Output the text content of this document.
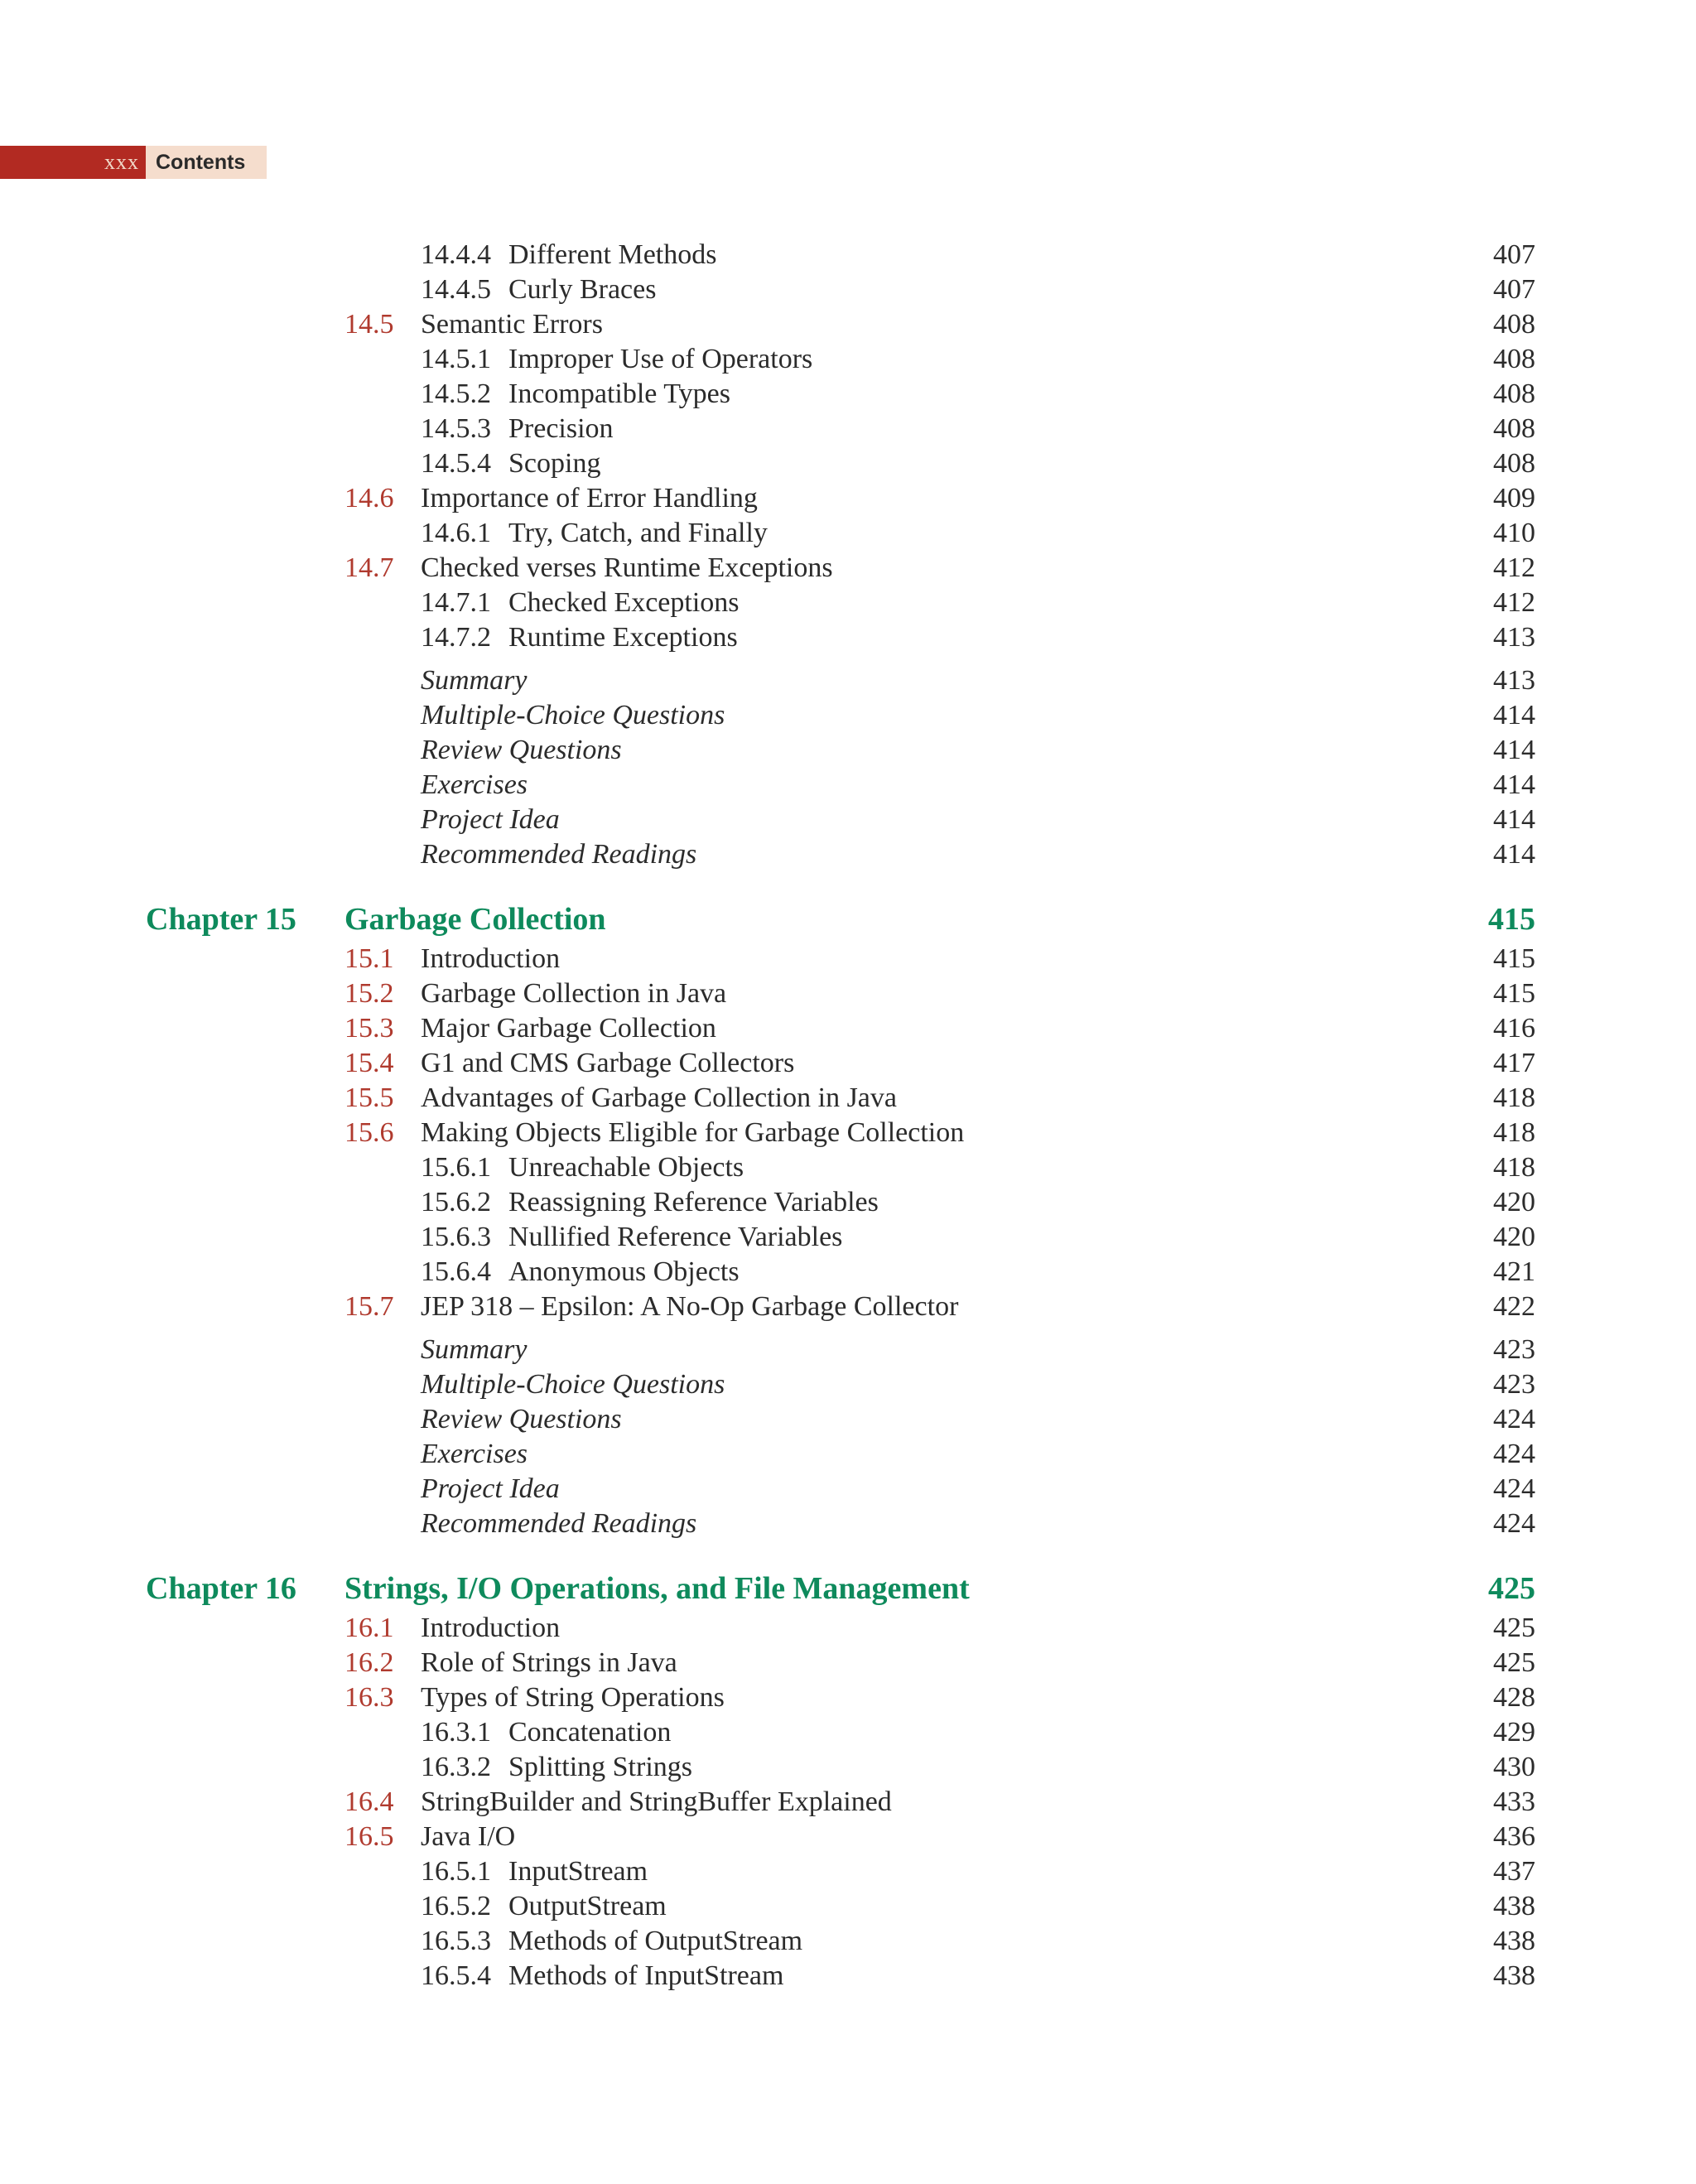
xxx Contents
14.4.4 Different Methods	407
14.4.5 Curly Braces	407
14.5 Semantic Errors	408
14.5.1 Improper Use of Operators	408
14.5.2 Incompatible Types	408
14.5.3 Precision	408
14.5.4 Scoping	408
14.6 Importance of Error Handling	409
14.6.1 Try, Catch, and Finally	410
14.7 Checked verses Runtime Exceptions	412
14.7.1 Checked Exceptions	412
14.7.2 Runtime Exceptions	413
Summary	413
Multiple-Choice Questions	414
Review Questions	414
Exercises	414
Project Idea	414
Recommended Readings	414
Chapter 15 Garbage Collection	415
15.1 Introduction	415
15.2 Garbage Collection in Java	415
15.3 Major Garbage Collection	416
15.4 G1 and CMS Garbage Collectors	417
15.5 Advantages of Garbage Collection in Java	418
15.6 Making Objects Eligible for Garbage Collection	418
15.6.1 Unreachable Objects	418
15.6.2 Reassigning Reference Variables	420
15.6.3 Nullified Reference Variables	420
15.6.4 Anonymous Objects	421
15.7 JEP 318 – Epsilon: A No-Op Garbage Collector	422
Summary	423
Multiple-Choice Questions	423
Review Questions	424
Exercises	424
Project Idea	424
Recommended Readings	424
Chapter 16 Strings, I/O Operations, and File Management	425
16.1 Introduction	425
16.2 Role of Strings in Java	425
16.3 Types of String Operations	428
16.3.1 Concatenation	429
16.3.2 Splitting Strings	430
16.4 StringBuilder and StringBuffer Explained	433
16.5 Java I/O	436
16.5.1 InputStream	437
16.5.2 OutputStream	438
16.5.3 Methods of OutputStream	438
16.5.4 Methods of InputStream	438
